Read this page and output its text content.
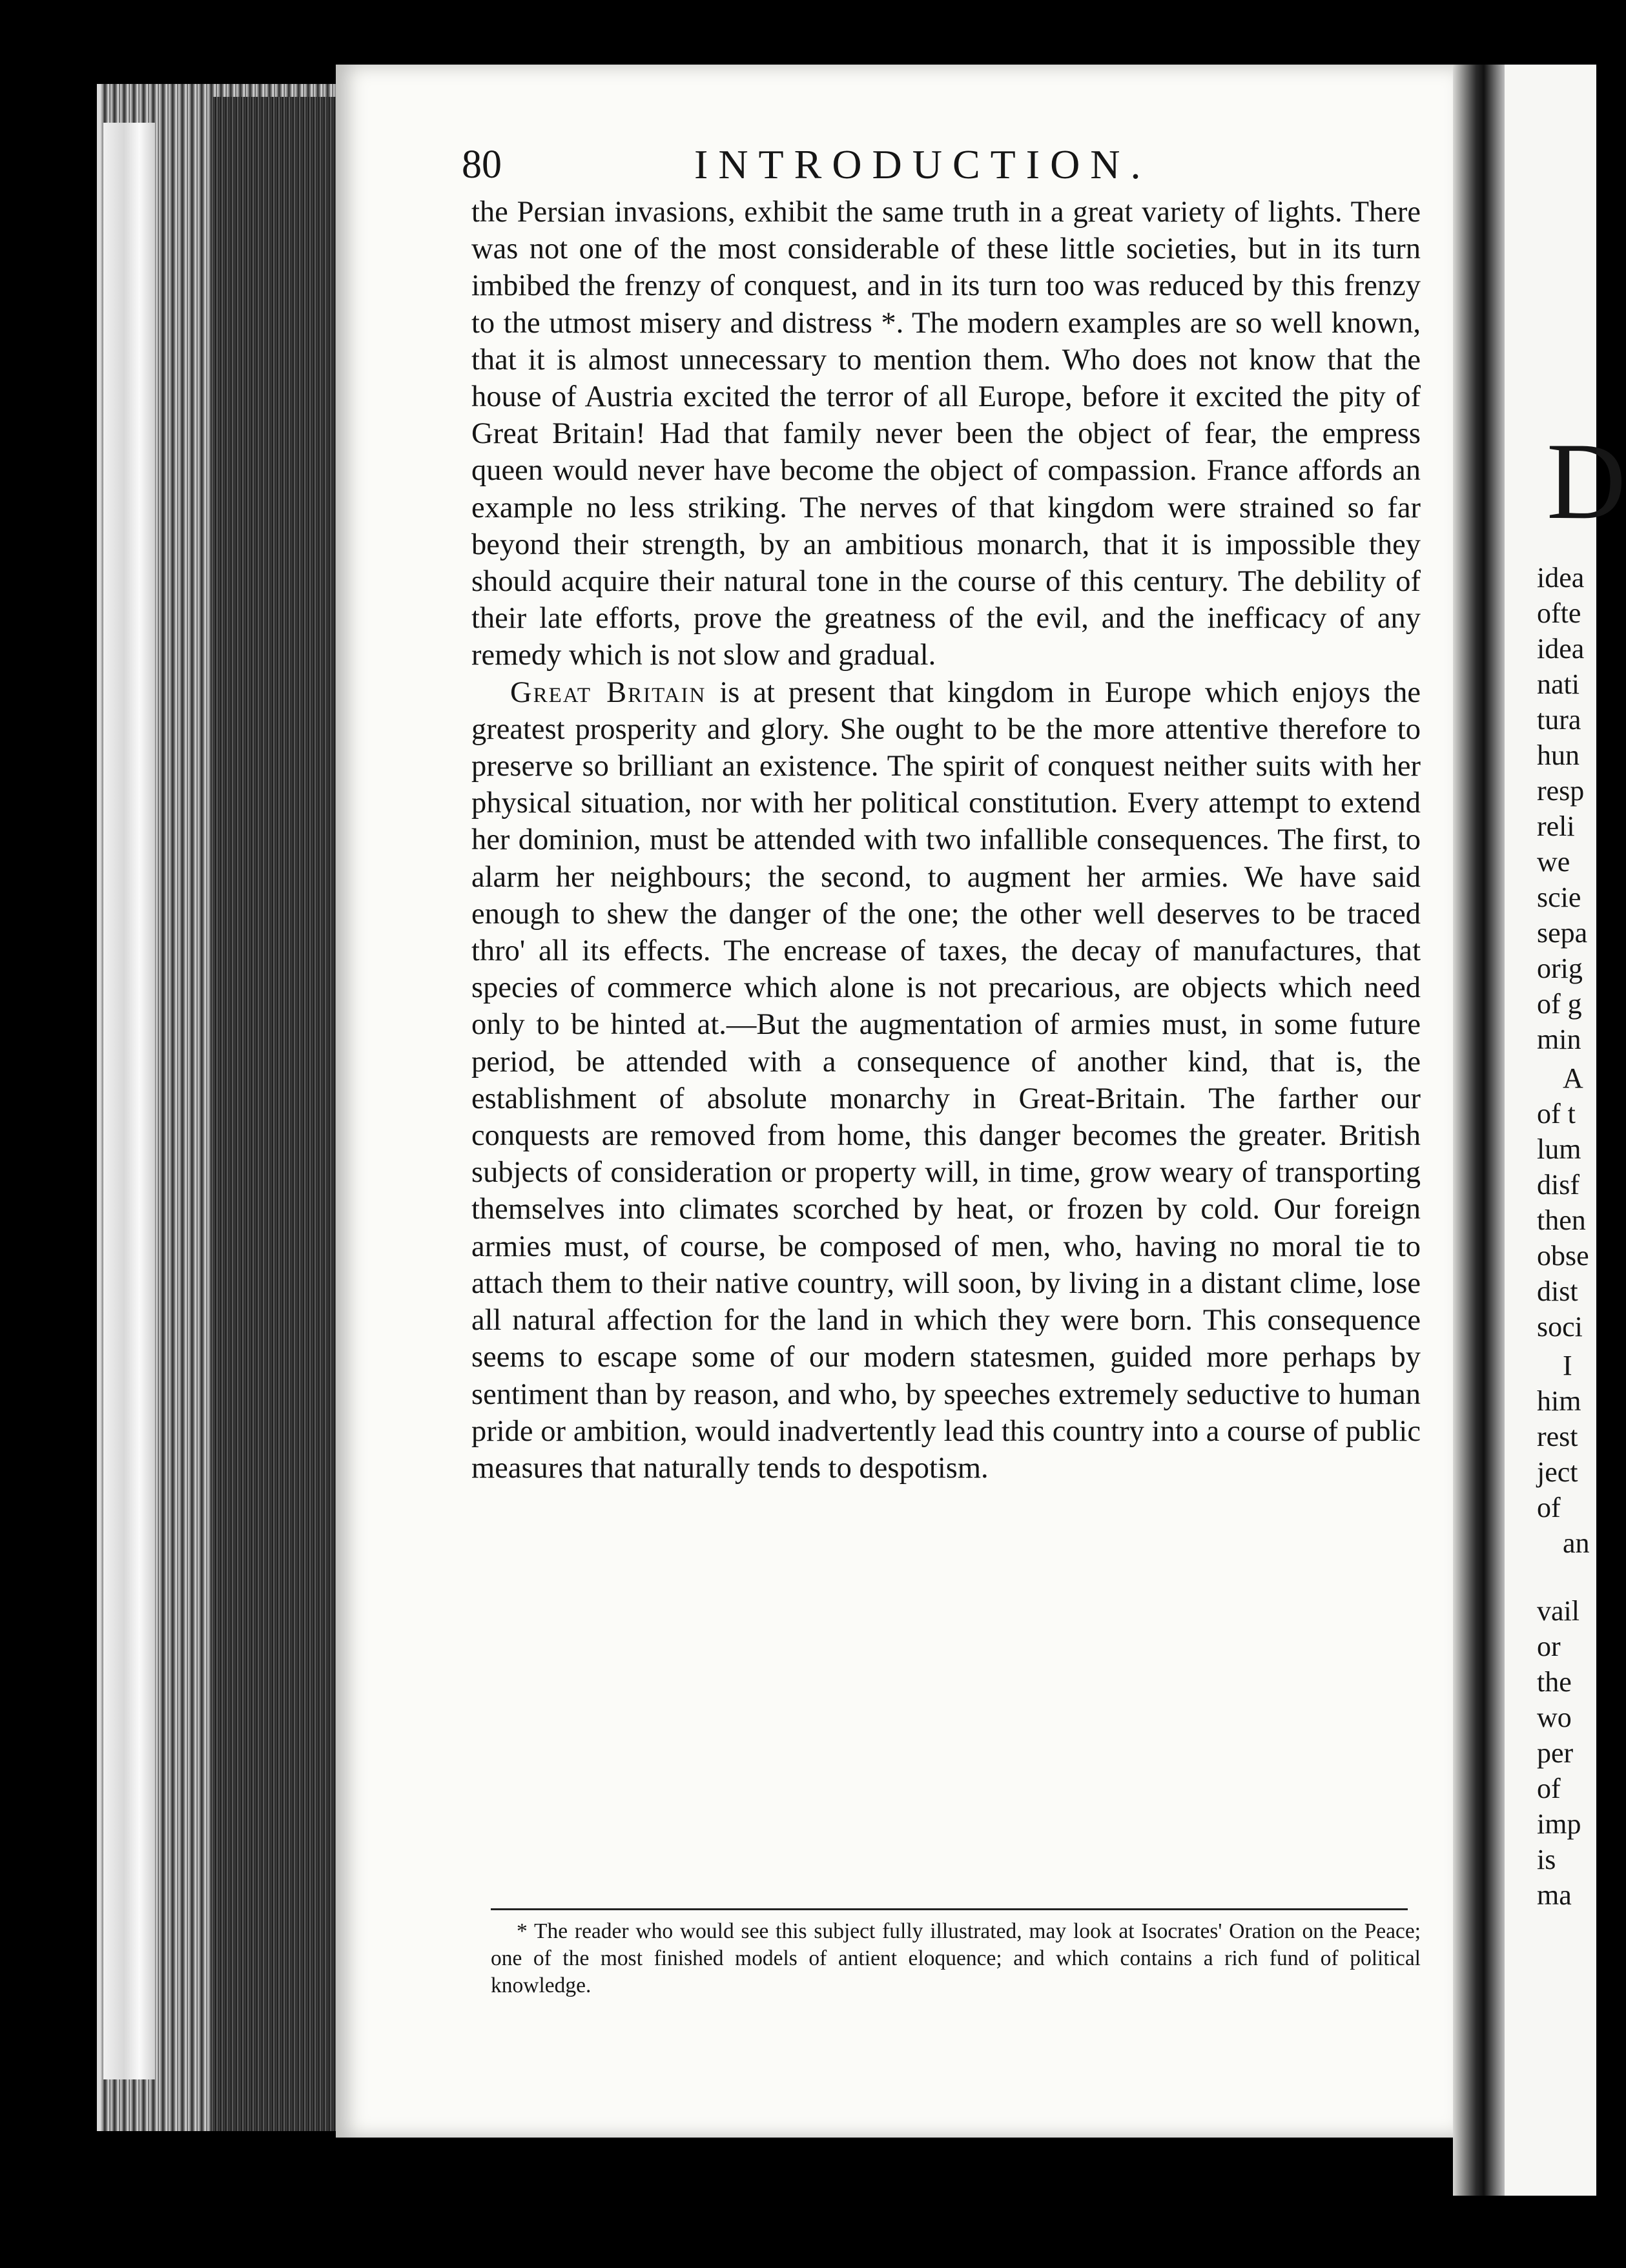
D
idea
ofte
idea
nati
tura
hun
resp
reli
we
scie
sepa
orig
of g
min
A
of t
lum
disf
then
obse
dist
soci
I
him
rest
ject
of
an
vail
or
the
wo
per
of
imp
is
ma
80	INTRODUCTION.

the Persian invasions, exhibit the same truth in a great variety of lights. There was not one of the most considerable of these little societies, but in its turn imbibed the frenzy of conquest, and in its turn too was reduced by this frenzy to the utmost misery and distress *. The modern examples are so well known, that it is almost unnecessary to mention them. Who does not know that the house of Austria excited the terror of all Europe, before it excited the pity of Great Britain! Had that family never been the object of fear, the empress queen would never have become the object of compassion. France affords an example no less striking. The nerves of that kingdom were strained so far beyond their strength, by an ambitious monarch, that it is impossible they should acquire their natural tone in the course of this century. The debility of their late efforts, prove the greatness of the evil, and the inefficacy of any remedy which is not slow and gradual.

Great Britain is at present that kingdom in Europe which enjoys the greatest prosperity and glory. She ought to be the more attentive therefore to preserve so brilliant an existence. The spirit of conquest neither suits with her physical situation, nor with her political constitution. Every attempt to extend her dominion, must be attended with two infallible consequences. The first, to alarm her neighbours; the second, to augment her armies. We have said enough to shew the danger of the one; the other well deserves to be traced thro' all its effects. The encrease of taxes, the decay of manufactures, that species of commerce which alone is not precarious, are objects which need only to be hinted at.—But the augmentation of armies must, in some future period, be attended with a consequence of another kind, that is, the establishment of absolute monarchy in Great-Britain. The farther our conquests are removed from home, this danger becomes the greater. British subjects of consideration or property will, in time, grow weary of transporting themselves into climates scorched by heat, or frozen by cold. Our foreign armies must, of course, be composed of men, who, having no moral tie to attach them to their native country, will soon, by living in a distant clime, lose all natural affection for the land in which they were born. This consequence seems to escape some of our modern statesmen, guided more perhaps by sentiment than by reason, and who, by speeches extremely seductive to human pride or ambition, would inadvertently lead this country into a course of public measures that naturally tends to despotism.

* The reader who would see this subject fully illustrated, may look at Isocrates' Oration on the Peace; one of the most finished models of antient eloquence; and which contains a rich fund of political knowledge.
